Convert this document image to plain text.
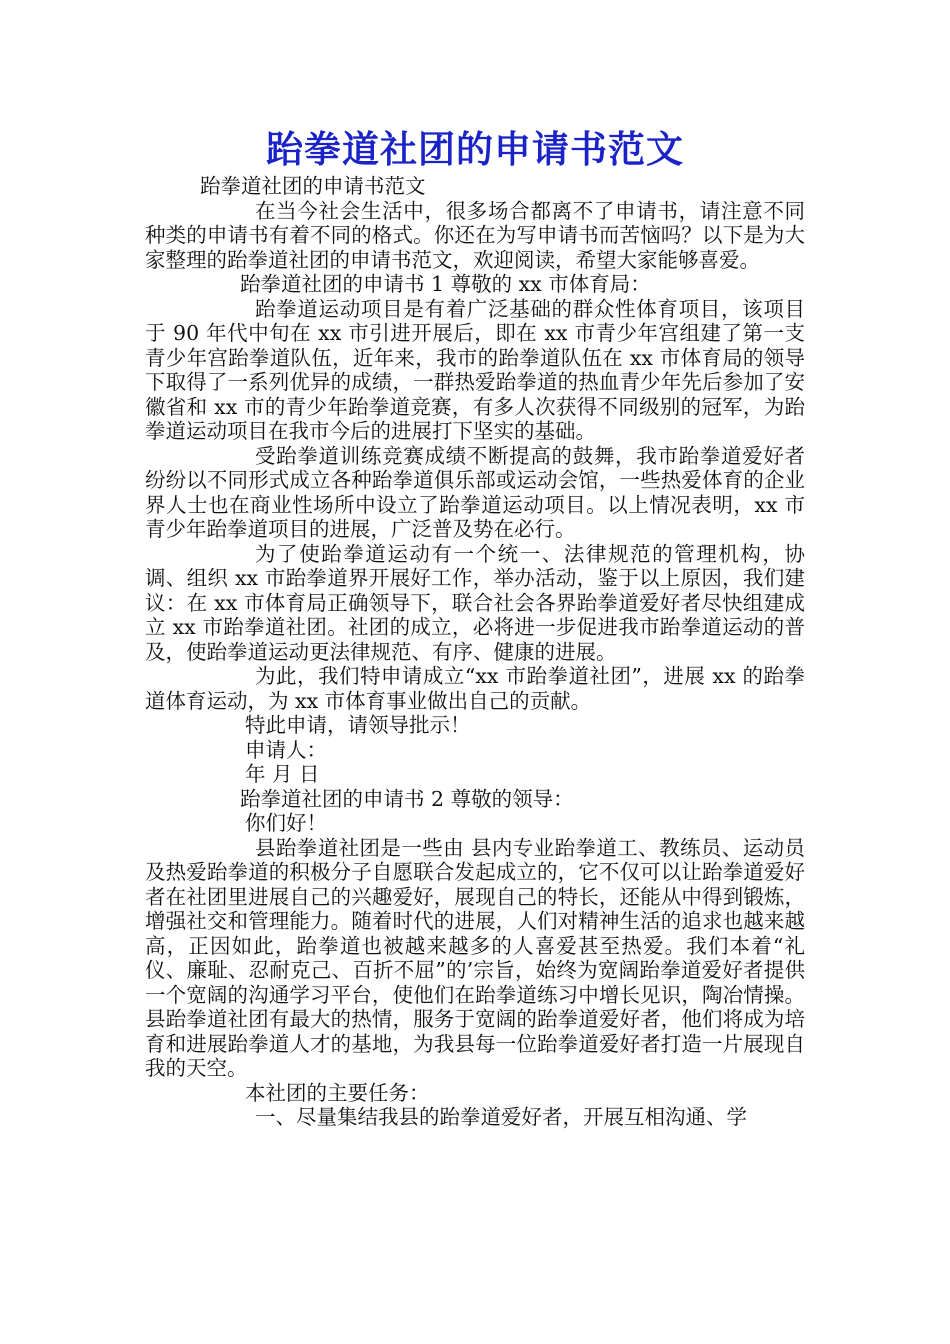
跆拳道社团的申请书范文

跆拳道社团的申请书范文

在当今社会生活中，很多场合都离不了申请书，请注意不同种类的申请书有着不同的格式。你还在为写申请书而苦恼吗？以下是为大家整理的跆拳道社团的申请书范文，欢迎阅读，希望大家能够喜爱。

跆拳道社团的申请书 1 尊敬的 xx 市体育局：

跆拳道运动项目是有着广泛基础的群众性体育项目，该项目于 90 年代中旬在 xx 市引进开展后，即在 xx 市青少年宫组建了第一支青少年宫跆拳道队伍，近年来，我市的跆拳道队伍在 xx 市体育局的领导下取得了一系列优异的成绩，一群热爱跆拳道的热血青少年先后参加了安徽省和 xx 市的青少年跆拳道竞赛，有多人次获得不同级别的冠军，为跆拳道运动项目在我市今后的进展打下坚实的基础。

受跆拳道训练竞赛成绩不断提高的鼓舞，我市跆拳道爱好者纷纷以不同形式成立各种跆拳道俱乐部或运动会馆，一些热爱体育的企业界人士也在商业性场所中设立了跆拳道运动项目。以上情况表明，xx 市青少年跆拳道项目的进展，广泛普及势在必行。

为了使跆拳道运动有一个统一、法律规范的管理机构，协调、组织 xx 市跆拳道界开展好工作，举办活动，鉴于以上原因，我们建议：在 xx 市体育局正确领导下，联合社会各界跆拳道爱好者尽快组建成立 xx 市跆拳道社团。社团的成立，必将进一步促进我市跆拳道运动的普及，使跆拳道运动更法律规范、有序、健康的进展。

为此，我们特申请成立“xx 市跆拳道社团”，进展 xx 的跆拳道体育运动，为 xx 市体育事业做出自己的贡献。

特此申请，请领导批示！

申请人：

年 月 日

跆拳道社团的申请书 2 尊敬的领导：

你们好！

县跆拳道社团是一些由 县内专业跆拳道工、教练员、运动员及热爱跆拳道的积极分子自愿联合发起成立的，它不仅可以让跆拳道爱好者在社团里进展自己的兴趣爱好，展现自己的特长，还能从中得到锻炼，增强社交和管理能力。随着时代的进展，人们对精神生活的追求也越来越高，正因如此，跆拳道也被越来越多的人喜爱甚至热爱。我们本着“礼仪、廉耻、忍耐克己、百折不屈”的’宗旨，始终为宽阔跆拳道爱好者提供一个宽阔的沟通学习平台，使他们在跆拳道练习中增长见识，陶冶情操。 县跆拳道社团有最大的热情，服务于宽阔的跆拳道爱好者，他们将成为培育和进展跆拳道人才的基地，为我县每一位跆拳道爱好者打造一片展现自我的天空。

本社团的主要任务：

一、尽量集结我县的跆拳道爱好者，开展互相沟通、学
